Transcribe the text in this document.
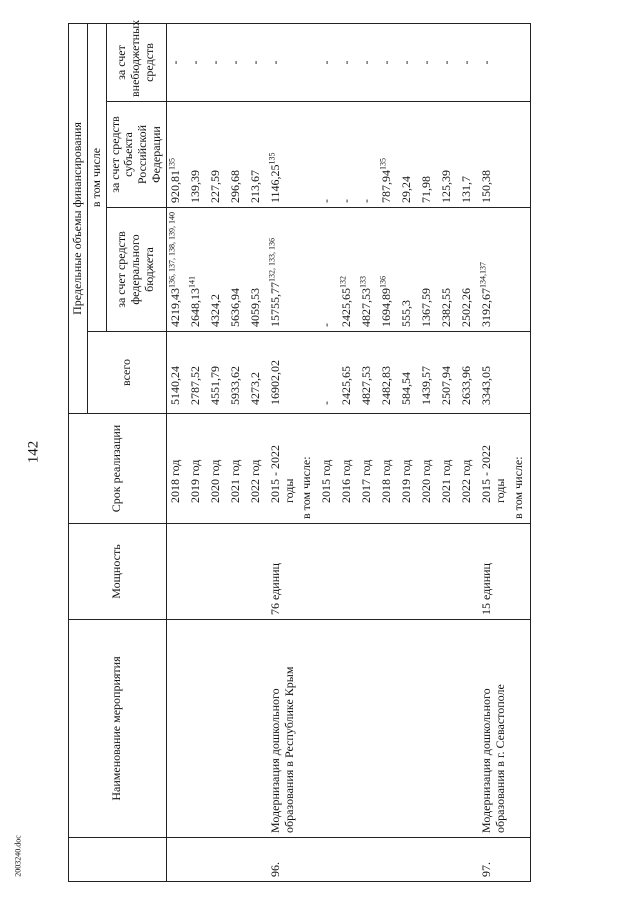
142
2003240.doc
	Наименование мероприятия	Мощность	Срок реализации	Предельные объемы финансирования			
				всего	в том числе		
					за счет средств федерального бюджета	за счет средств субъекта Российской Федерации	за счет внебюджетных средств
			2018 год	5140,24	4219,43$^{136, 137, 138, 139, 140}$	920,81$^{135}$	-
			2019 год	2787,52	2648,13$^{141}$	139,39	-
			2020 год	4551,79	4324,2	227,59	-
			2021 год	5933,62	5636,94	296,68	-
			2022 год	4273,2	4059,53	213,67	-
96.	Модернизация дошкольного образования в Республике Крым	76 единиц	2015 - 2022 годы	16902,02	15755,77$^{132, 133, 136}$	1146,25$^{135}$	-
			в том числе:				
			2015 год	-	-	-	-
			2016 год	2425,65	2425,65$^{132}$	-	-
			2017 год	4827,53	4827,53$^{133}$	-	-
			2018 год	2482,83	1694,89$^{136}$	787,94$^{135}$	-
			2019 год	584,54	555,3	29,24	-
			2020 год	1439,57	1367,59	71,98	-
			2021 год	2507,94	2382,55	125,39	-
			2022 год	2633,96	2502,26	131,7	-
97.	Модернизация дошкольного образования в г. Севастополе	15 единиц	2015 - 2022 годы	3343,05	3192,67$^{134,137}$	150,38	-
			в том числе:				
